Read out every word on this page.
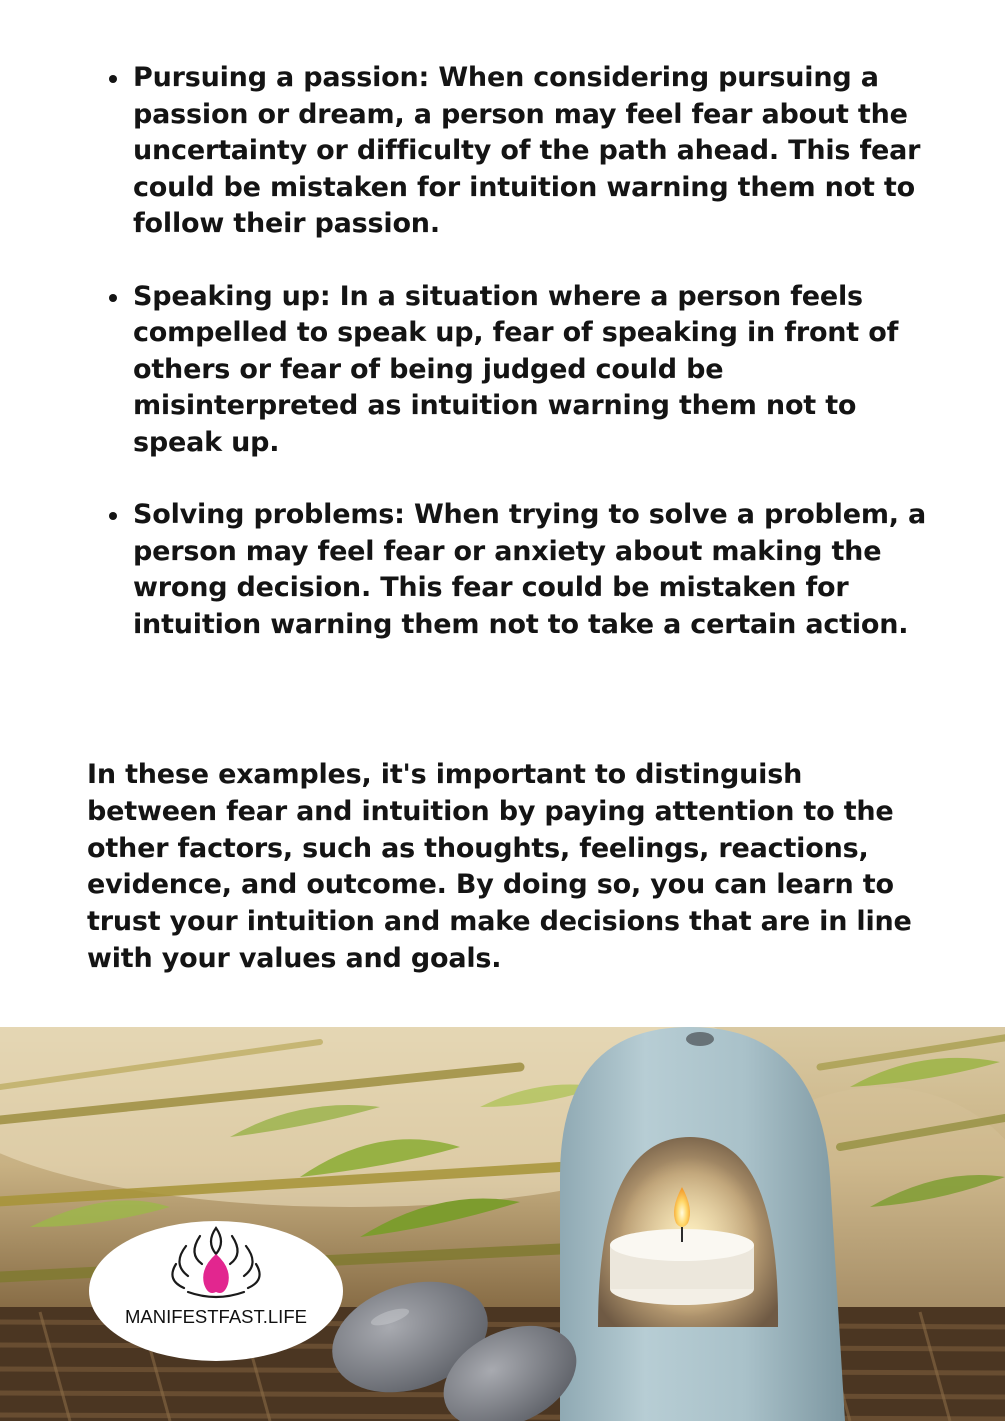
Pursuing a passion: When considering pursuing a passion or dream, a person may feel fear about the uncertainty or difficulty of the path ahead. This fear could be mistaken for intuition warning them not to follow their passion.
Speaking up: In a situation where a person feels compelled to speak up, fear of speaking in front of others or fear of being judged could be misinterpreted as intuition warning them not to speak up.
Solving problems: When trying to solve a problem, a person may feel fear or anxiety about making the wrong decision. This fear could be mistaken for intuition warning them not to take a certain action.

In these examples, it's important to distinguish between fear and intuition by paying attention to the other factors, such as thoughts, feelings, reactions, evidence, and outcome. By doing so, you can learn to trust your intuition and make decisions that are in line with your values and goals.

MANIFESTFAST.LIFE
